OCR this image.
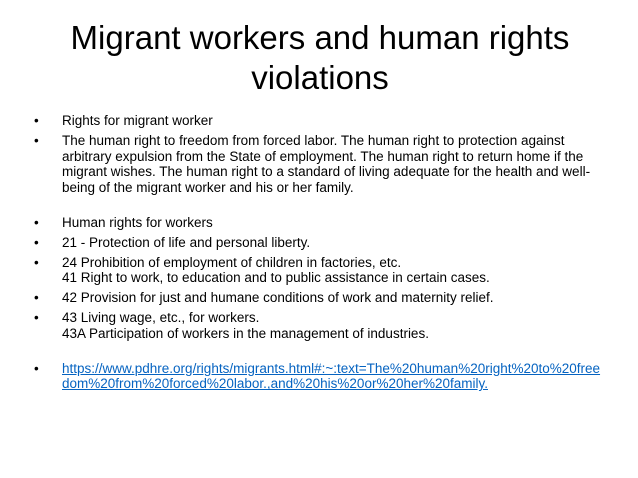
Migrant workers and human rights violations
• Rights for migrant worker
• The human right to freedom from forced labor. The human right to protection against arbitrary expulsion from the State of employment. The human right to return home if the migrant wishes. The human right to a standard of living adequate for the health and well-being of the migrant worker and his or her family.
• Human rights for workers
• 21 - Protection of life and personal liberty.
• 24 Prohibition of employment of children in factories, etc.
41 Right to work, to education and to public assistance in certain cases.
• 42 Provision for just and humane conditions of work and maternity relief.
• 43 Living wage, etc., for workers.
43A Participation of workers in the management of industries.
• https://www.pdhre.org/rights/migrants.html#:~:text=The%20human%20right%20to%20freedom%20from%20forced%20labor.,and%20his%20or%20her%20family.
